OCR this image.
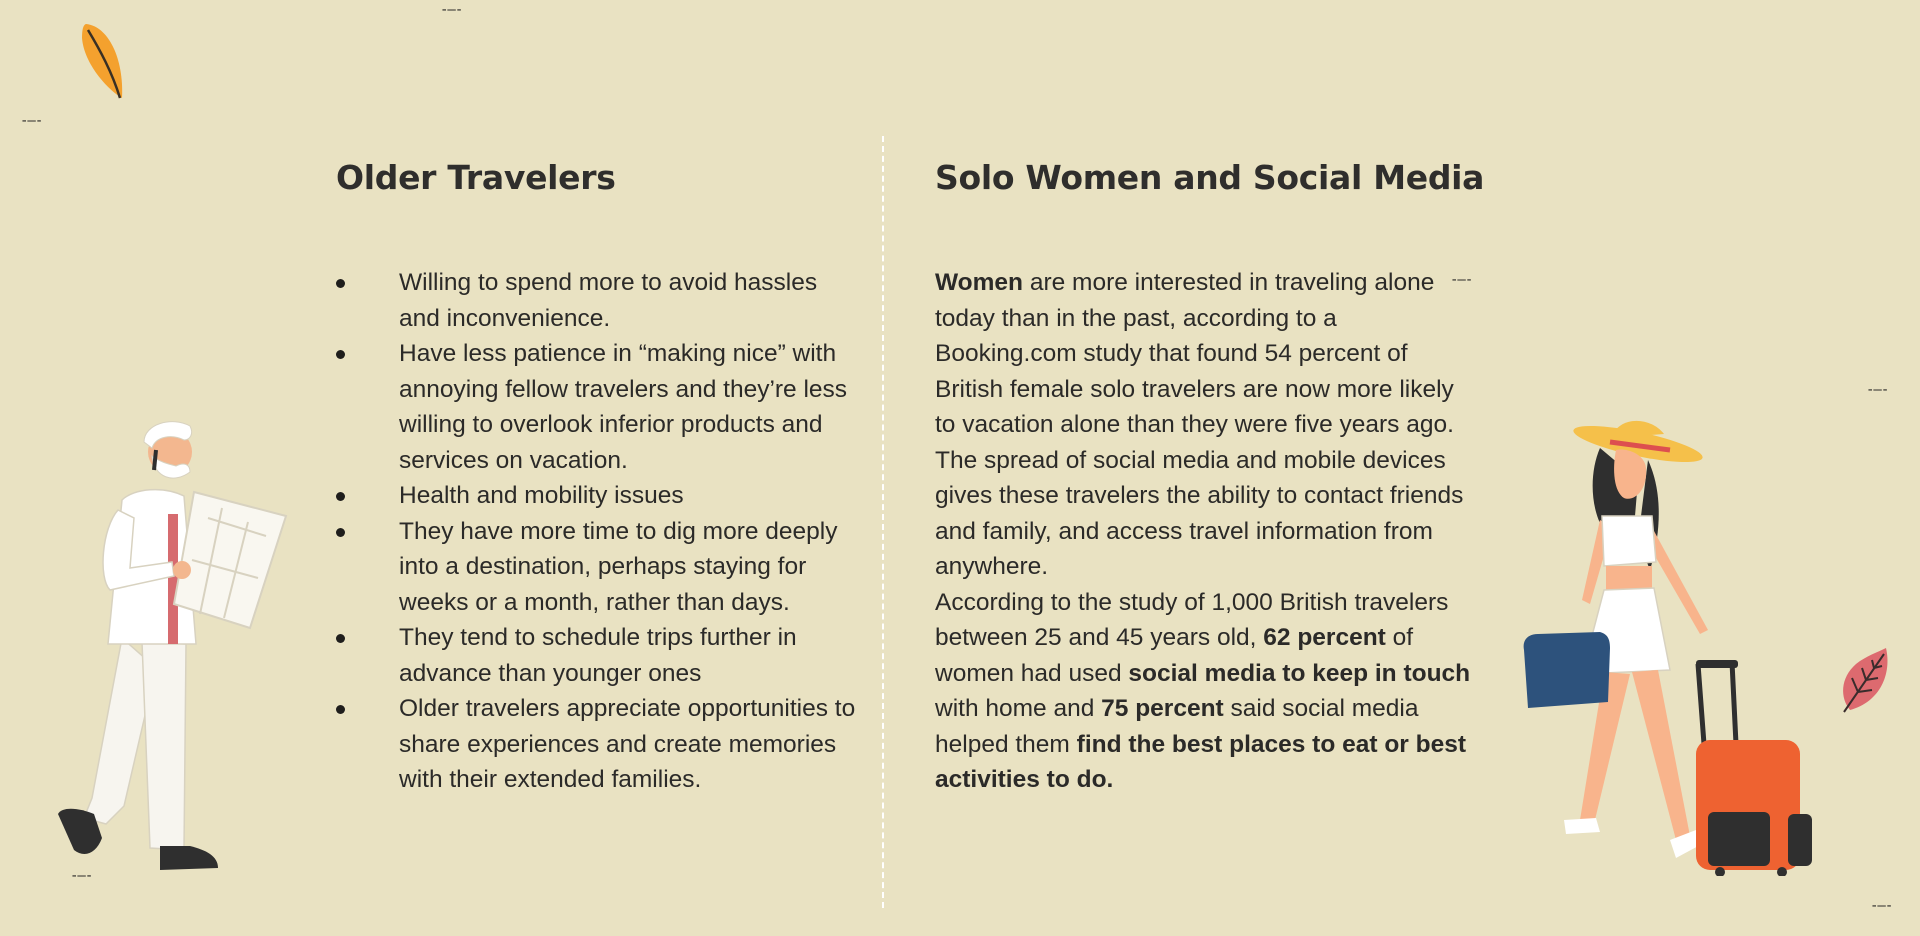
-–-
-–-
-–-
-–-
-–-
-–-
Older Travelers	Solo Women and Social Media
Willing to spend more to avoid hassles and inconvenience.
Have less patience in “making nice” with annoying fellow travelers and they’re less willing to overlook inferior products and services on vacation.
Health and mobility issues
They have more time to dig more deeply into a destination, perhaps staying for weeks or a month, rather than days.
They tend to schedule trips further in advance than younger ones
Older travelers appreciate opportunities to share experiences and create memories with their extended families.

Women are more interested in traveling alone today than in the past, according to a Booking.com study that found 54 percent of British female solo travelers are now more likely to vacation alone than they were five years ago.

The spread of social media and mobile devices gives these travelers the ability to contact friends and family, and access travel information from anywhere.

According to the study of 1,000 British travelers between 25 and 45 years old, 62 percent of women had used social media to keep in touch with home and 75 percent said social media helped them find the best places to eat or best activities to do.
